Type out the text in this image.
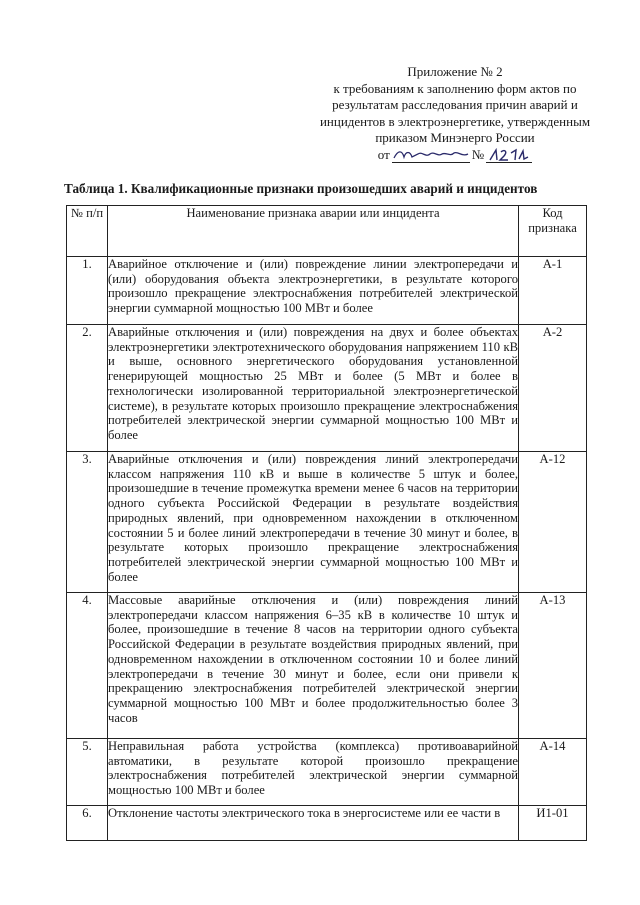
Приложение № 2
к требованиям к заполнению форм актов по
результатам расследования причин аварий и
инцидентов в электроэнергетике, утвержденным
приказом Минэнерго России
от	№
Таблица 1. Квалификационные признаки произошедших аварий и инцидентов
№ п/п	Наименование признака аварии или инцидента	Код признака
1.	Аварийное отключение и (или) повреждение линии электропередачи и (или) оборудования объекта электроэнергетики, в результате которого произошло прекращение электроснабжения потребителей электрической энергии суммарной мощностью 100 МВт и более	А-1
2.	Аварийные отключения и (или) повреждения на двух и более объектах электроэнергетики электротехнического оборудования напряжением 110 кВ и выше, основного энергетического оборудования установленной генерирующей мощностью 25 МВт и более (5 МВт и более в технологически изолированной территориальной электроэнергетической системе), в результате которых произошло прекращение электроснабжения потребителей электрической энергии суммарной мощностью 100 МВт и более	А-2
3.	Аварийные отключения и (или) повреждения линий электропередачи классом напряжения 110 кВ и выше в количестве 5 штук и более, произошедшие в течение промежутка времени менее 6 часов на территории одного субъекта Российской Федерации в результате воздействия природных явлений, при одновременном нахождении в отключенном состоянии 5 и более линий электропередачи в течение 30 минут и более, в результате которых произошло прекращение электроснабжения потребителей электрической энергии суммарной мощностью 100 МВт и более	А-12
4.	Массовые аварийные отключения и (или) повреждения линий электропередачи классом напряжения 6–35 кВ в количестве 10 штук и более, произошедшие в течение 8 часов на территории одного субъекта Российской Федерации в результате воздействия природных явлений, при одновременном нахождении в отключенном состоянии 10 и более линий электропередачи в течение 30 минут и более, если они привели к прекращению электроснабжения потребителей электрической энергии суммарной мощностью 100 МВт и более продолжительностью более 3 часов	А-13
5.	Неправильная работа устройства (комплекса) противоаварийной автоматики, в результате которой произошло прекращение электроснабжения потребителей электрической энергии суммарной мощностью 100 МВт и более	А-14
6.	Отклонение частоты электрического тока в энергосистеме или ее части в	И1-01
